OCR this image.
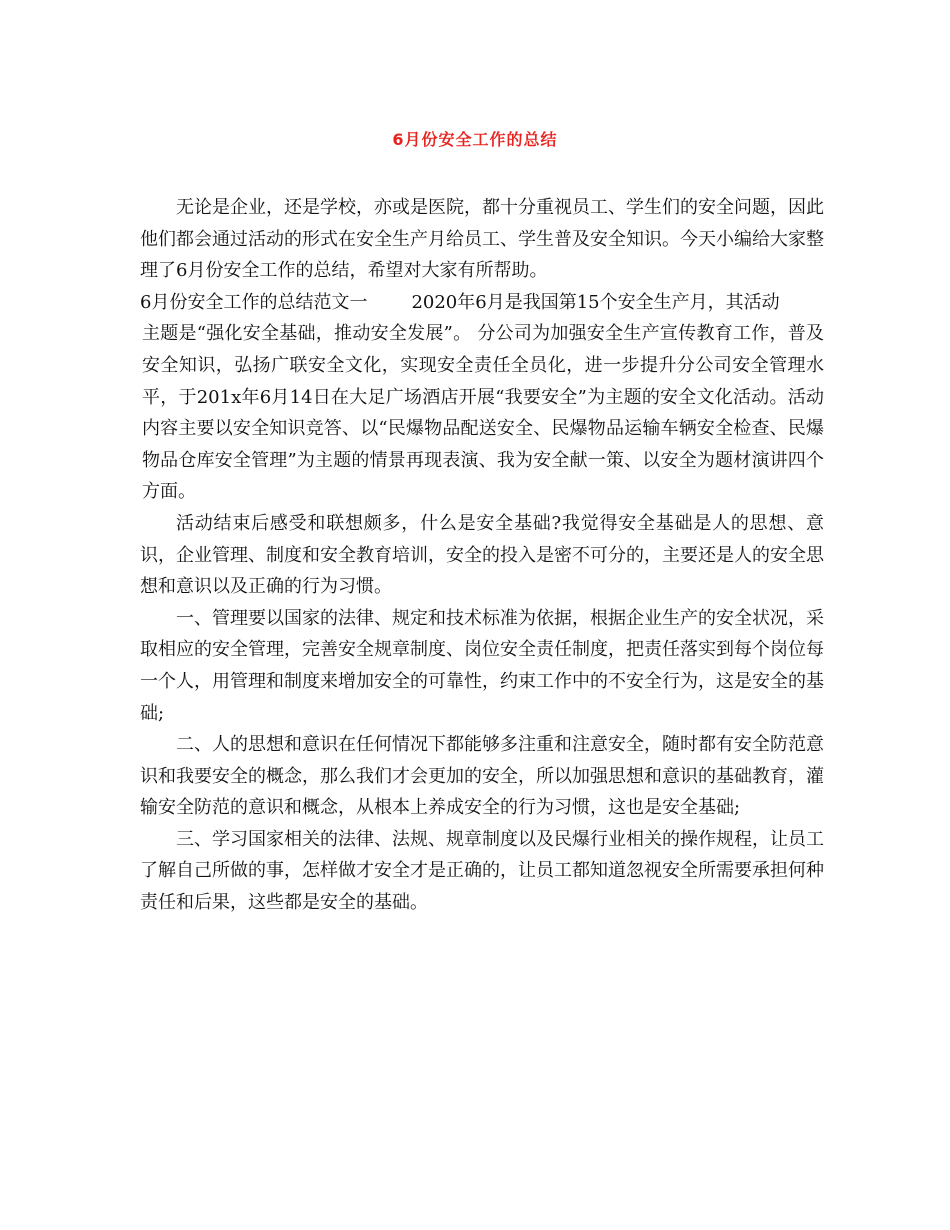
6月份安全工作的总结

无论是企业，还是学校，亦或是医院，都十分重视员工、学生们的安全问题，因此他们都会通过活动的形式在安全生产月给员工、学生普及安全知识。今天小编给大家整理了6月份安全工作的总结，希望对大家有所帮助。

6月份安全工作的总结范文一 2020年6月是我国第15个安全生产月，其活动

主题是“强化安全基础，推动安全发展”。 分公司为加强安全生产宣传教育工作，普及安全知识，弘扬广联安全文化，实现安全责任全员化，进一步提升分公司安全管理水平，于201x年6月14日在大足广场酒店开展“我要安全”为主题的安全文化活动。活动内容主要以安全知识竞答、以“民爆物品配送安全、民爆物品运输车辆安全检查、民爆物品仓库安全管理”为主题的情景再现表演、我为安全献一策、以安全为题材演讲四个方面。

活动结束后感受和联想颇多，什么是安全基础?我觉得安全基础是人的思想、意识，企业管理、制度和安全教育培训，安全的投入是密不可分的，主要还是人的安全思想和意识以及正确的行为习惯。

一、管理要以国家的法律、规定和技术标准为依据，根据企业生产的安全状况，采取相应的安全管理，完善安全规章制度、岗位安全责任制度，把责任落实到每个岗位每一个人，用管理和制度来增加安全的可靠性，约束工作中的不安全行为，这是安全的基础;

二、人的思想和意识在任何情况下都能够多注重和注意安全，随时都有安全防范意识和我要安全的概念，那么我们才会更加的安全，所以加强思想和意识的基础教育，灌输安全防范的意识和概念，从根本上养成安全的行为习惯，这也是安全基础;

三、学习国家相关的法律、法规、规章制度以及民爆行业相关的操作规程，让员工了解自己所做的事，怎样做才安全才是正确的，让员工都知道忽视安全所需要承担何种责任和后果，这些都是安全的基础。
